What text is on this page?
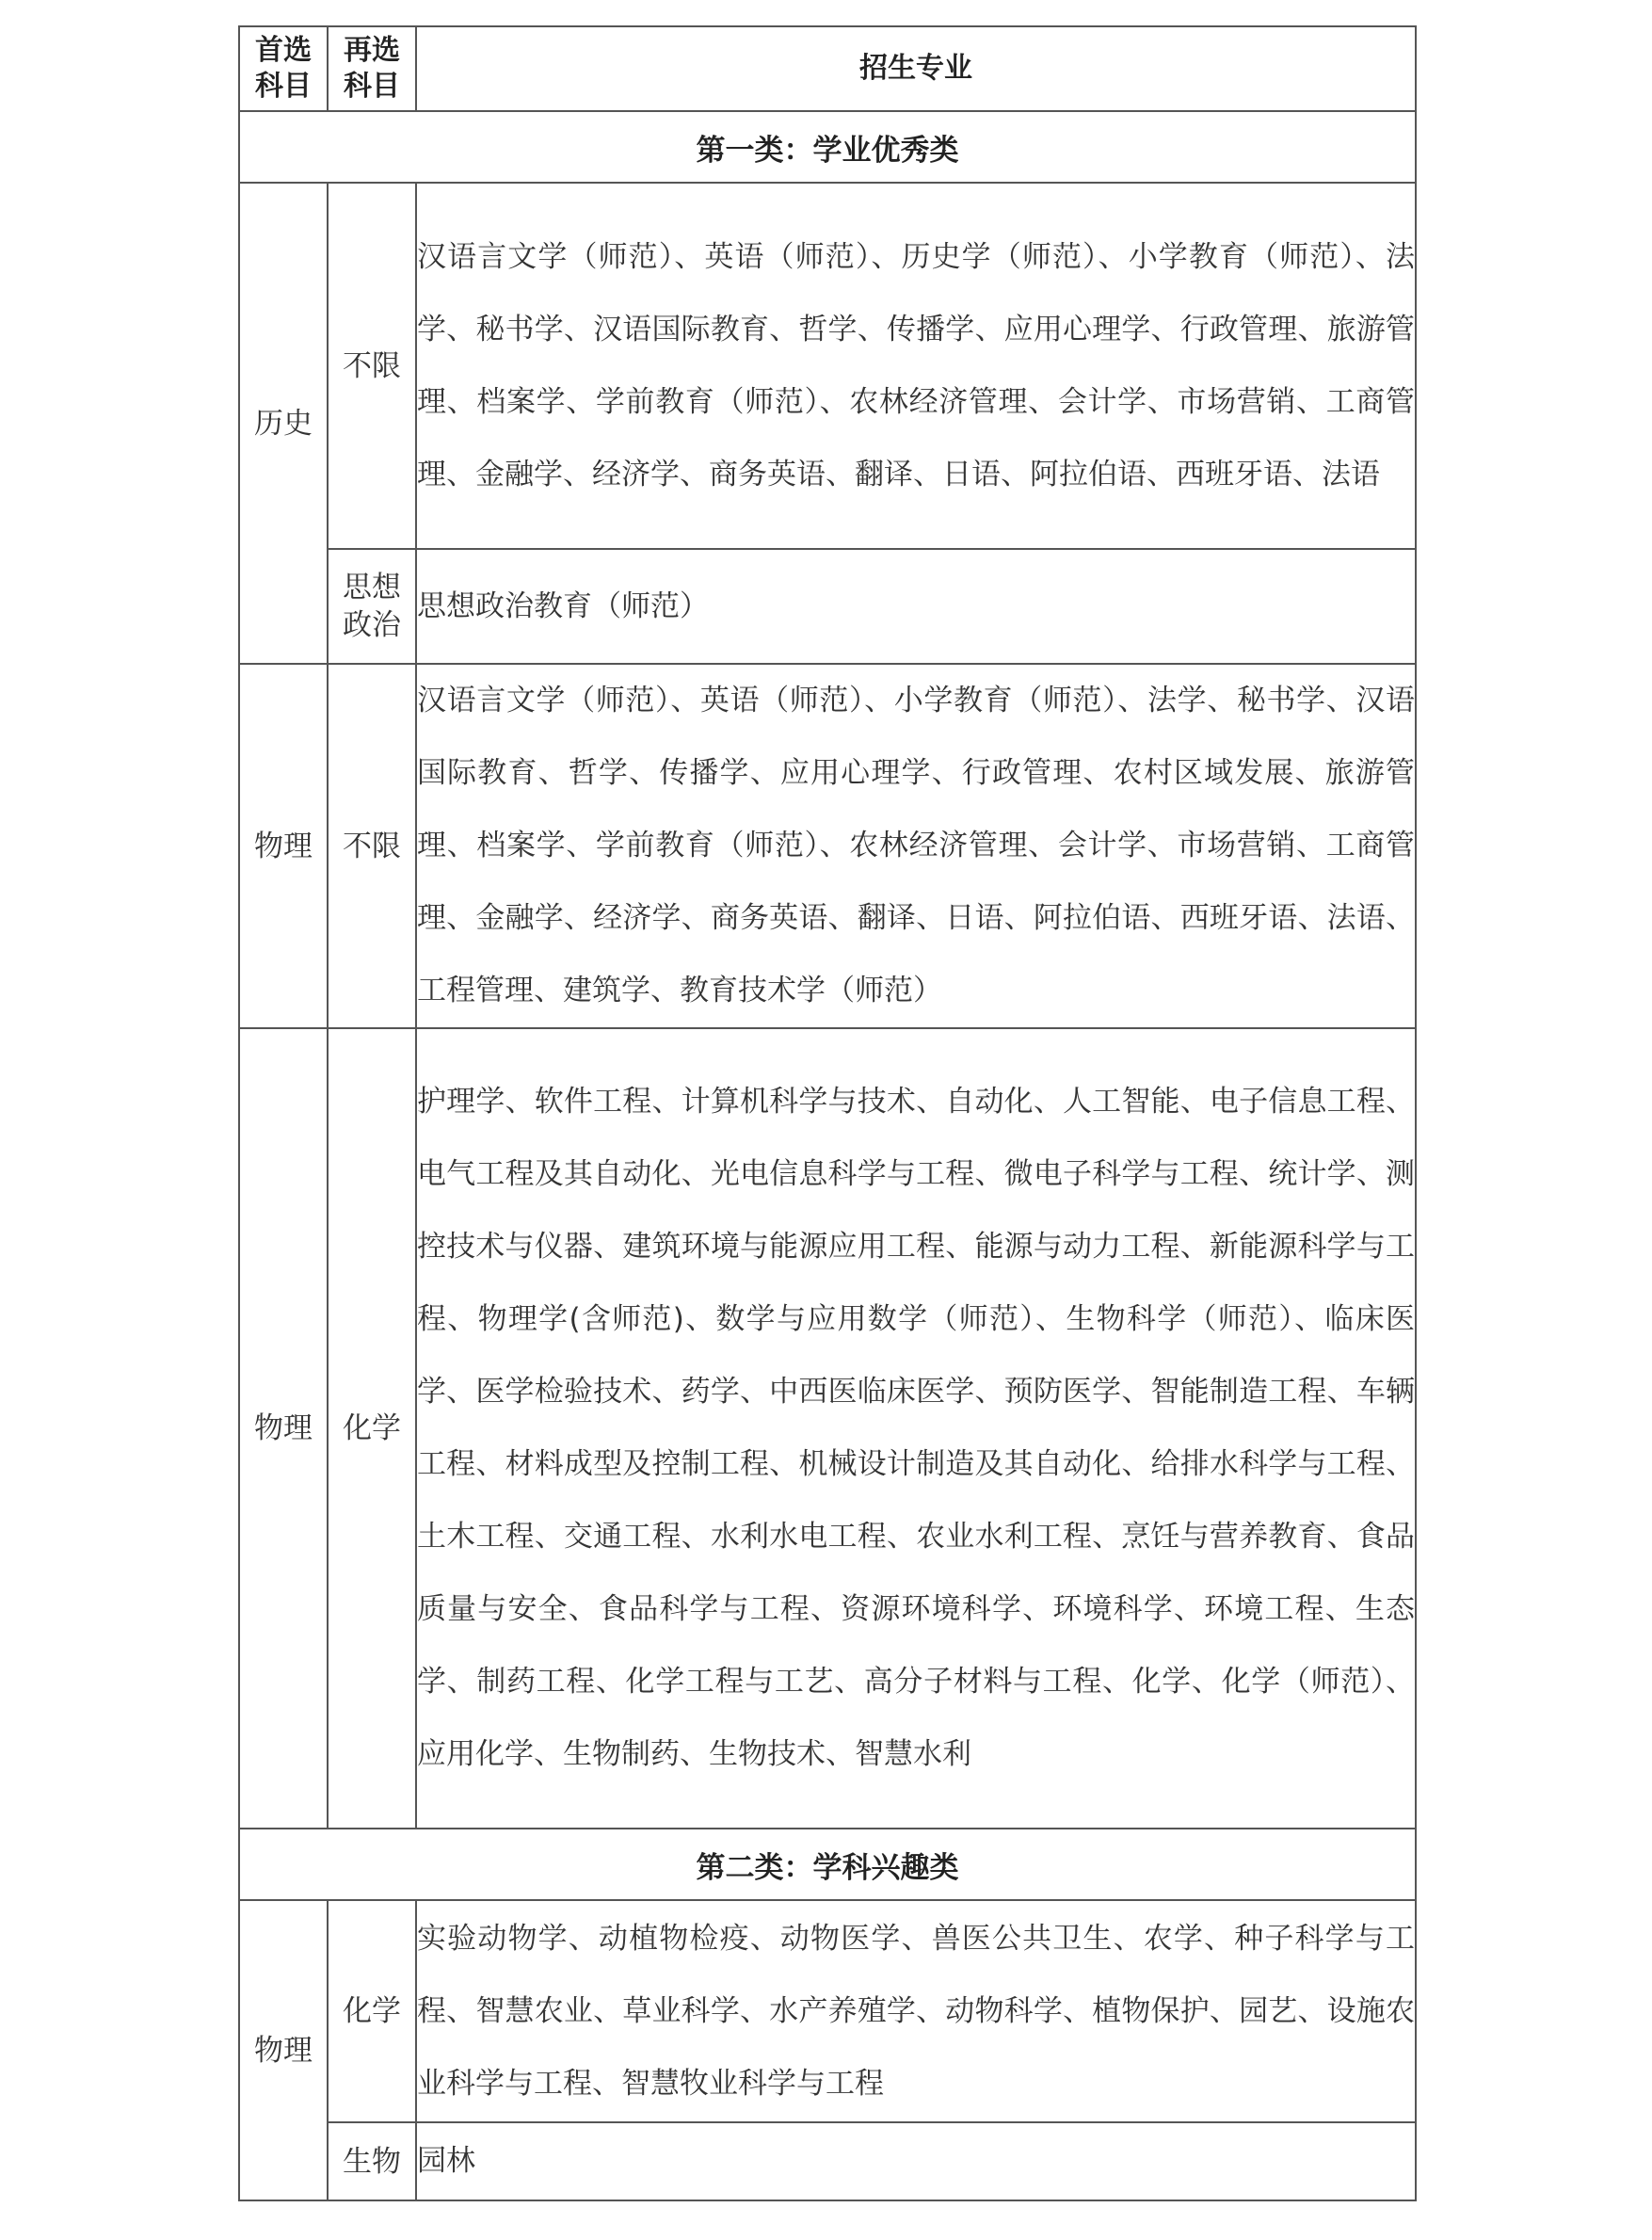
首选科目	再选科目	招生专业
第一类：学业优秀类		
历史	不限	汉语言文学（师范）、英语（师范）、历史学（师范）、小学教育（师范）、法学、秘书学、汉语国际教育、哲学、传播学、应用心理学、行政管理、旅游管理、档案学、学前教育（师范）、农林经济管理、会计学、市场营销、工商管理、金融学、经济学、商务英语、翻译、日语、阿拉伯语、西班牙语、法语
	思想政治	思想政治教育（师范）
物理	不限	汉语言文学（师范）、英语（师范）、小学教育（师范）、法学、秘书学、汉语国际教育、哲学、传播学、应用心理学、行政管理、农村区域发展、旅游管理、档案学、学前教育（师范）、农林经济管理、会计学、市场营销、工商管理、金融学、经济学、商务英语、翻译、日语、阿拉伯语、西班牙语、法语、工程管理、建筑学、教育技术学（师范）
物理	化学	护理学、软件工程、计算机科学与技术、自动化、人工智能、电子信息工程、电气工程及其自动化、光电信息科学与工程、微电子科学与工程、统计学、测控技术与仪器、建筑环境与能源应用工程、能源与动力工程、新能源科学与工程、物理学(含师范)、数学与应用数学（师范）、生物科学（师范）、临床医学、医学检验技术、药学、中西医临床医学、预防医学、智能制造工程、车辆工程、材料成型及控制工程、机械设计制造及其自动化、给排水科学与工程、土木工程、交通工程、水利水电工程、农业水利工程、烹饪与营养教育、食品质量与安全、食品科学与工程、资源环境科学、环境科学、环境工程、生态学、制药工程、化学工程与工艺、高分子材料与工程、化学、化学（师范）、应用化学、生物制药、生物技术、智慧水利
第二类：学科兴趣类		
物理	化学	实验动物学、动植物检疫、动物医学、兽医公共卫生、农学、种子科学与工程、智慧农业、草业科学、水产养殖学、动物科学、植物保护、园艺、设施农业科学与工程、智慧牧业科学与工程
	生物	园林
